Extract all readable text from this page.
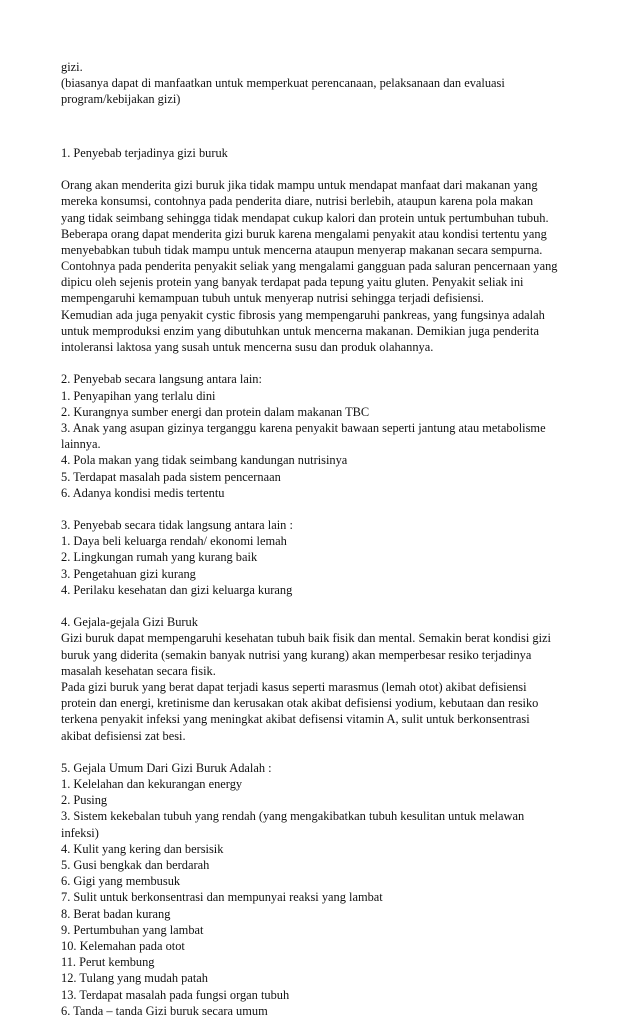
gizi.
(biasanya dapat di manfaatkan untuk memperkuat perencanaan, pelaksanaan dan evaluasi
program/kebijakan gizi)
1. Penyebab terjadinya gizi buruk
Orang akan menderita gizi buruk jika tidak mampu untuk mendapat manfaat dari makanan yang
mereka konsumsi, contohnya pada penderita diare, nutrisi berlebih, ataupun karena pola makan
yang tidak seimbang sehingga tidak mendapat cukup kalori dan protein untuk pertumbuhan tubuh.
Beberapa orang dapat menderita gizi buruk karena mengalami penyakit atau kondisi tertentu yang
menyebabkan tubuh tidak mampu untuk mencerna ataupun menyerap makanan secara sempurna.
Contohnya pada penderita penyakit seliak yang mengalami gangguan pada saluran pencernaan yang
dipicu oleh sejenis protein yang banyak terdapat pada tepung yaitu gluten. Penyakit seliak ini
mempengaruhi kemampuan tubuh untuk menyerap nutrisi sehingga terjadi defisiensi.
Kemudian ada juga penyakit cystic fibrosis yang mempengaruhi pankreas, yang fungsinya adalah
untuk memproduksi enzim yang dibutuhkan untuk mencerna makanan. Demikian juga penderita
intoleransi laktosa yang susah untuk mencerna susu dan produk olahannya.
2. Penyebab secara langsung antara lain:
1. Penyapihan yang terlalu dini
2. Kurangnya sumber energi dan protein dalam makanan TBC
3. Anak yang asupan gizinya terganggu karena penyakit bawaan seperti jantung atau metabolisme
lainnya.
4. Pola makan yang tidak seimbang kandungan nutrisinya
5. Terdapat masalah pada sistem pencernaan
6. Adanya kondisi medis tertentu
3. Penyebab secara tidak langsung antara lain :
1. Daya beli keluarga rendah/ ekonomi lemah
2. Lingkungan rumah yang kurang baik
3. Pengetahuan gizi kurang
4. Perilaku kesehatan dan gizi keluarga kurang
4. Gejala-gejala Gizi Buruk
Gizi buruk dapat mempengaruhi kesehatan tubuh baik fisik dan mental. Semakin berat kondisi gizi
buruk yang diderita (semakin banyak nutrisi yang kurang) akan memperbesar resiko terjadinya
masalah kesehatan secara fisik.
Pada gizi buruk yang berat dapat terjadi kasus seperti marasmus (lemah otot) akibat defisiensi
protein dan energi, kretinisme dan kerusakan otak akibat defisiensi yodium, kebutaan dan resiko
terkena penyakit infeksi yang meningkat akibat defisensi vitamin A, sulit untuk berkonsentrasi
akibat defisiensi zat besi.
5. Gejala Umum Dari Gizi Buruk Adalah :
1. Kelelahan dan kekurangan energy
2. Pusing
3. Sistem kekebalan tubuh yang rendah (yang mengakibatkan tubuh kesulitan untuk melawan
infeksi)
4. Kulit yang kering dan bersisik
5. Gusi bengkak dan berdarah
6. Gigi yang membusuk
7. Sulit untuk berkonsentrasi dan mempunyai reaksi yang lambat
8. Berat badan kurang
9. Pertumbuhan yang lambat
10. Kelemahan pada otot
11. Perut kembung
12. Tulang yang mudah patah
13. Terdapat masalah pada fungsi organ tubuh
6. Tanda – tanda Gizi buruk secara umum
